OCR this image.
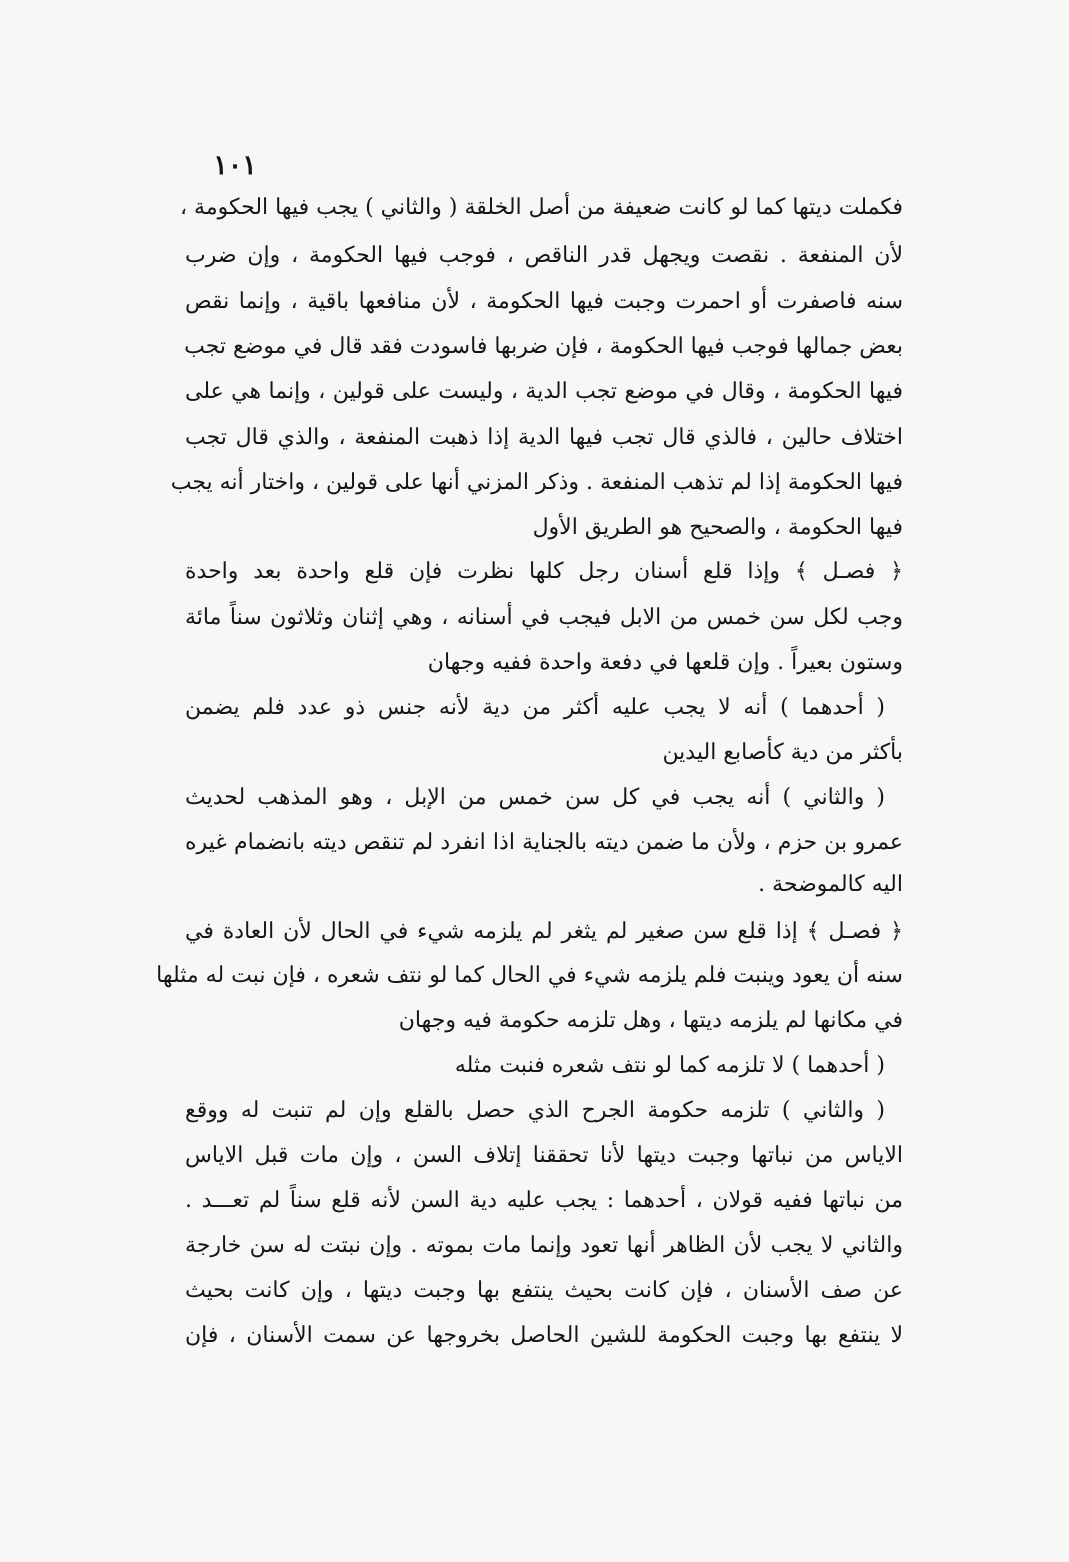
١٠١
فكملت ديتها كما لو كانت ضعيفة من أصل الخلقة ( والثاني ) يجب فيها الحكومة ،
لأن المنفعة . نقصت ويجهل قدر الناقص ، فوجب فيها الحكومة ، وإن ضرب
سنه فاصفرت أو احمرت وجبت فيها الحكومة ، لأن منافعها باقية ، وإنما نقص
بعض جمالها فوجب فيها الحكومة ، فإن ضربها فاسودت فقد قال في موضع تجب
فيها الحكومة ، وقال في موضع تجب الدية ، وليست على قولين ، وإنما هي على
اختلاف حالين ، فالذي قال تجب فيها الدية إذا ذهبت المنفعة ، والذي قال تجب
فيها الحكومة إذا لم تذهب المنفعة . وذكر المزني أنها على قولين ، واختار أنه يجب
فيها الحكومة ، والصحيح هو الطريق الأول
﴿ فصـل ﴾ وإذا قلع أسنان رجل كلها نظرت فإن قلع واحدة بعد واحدة
وجب لكل سن خمس من الابل فيجب في أسنانه ، وهي إثنان وثلاثون سناً مائة
وستون بعيراً . وإن قلعها في دفعة واحدة ففيه وجهان
( أحدهما ) أنه لا يجب عليه أكثر من دية لأنه جنس ذو عدد فلم يضمن
بأكثر من دية كأصابع اليدين
( والثاني ) أنه يجب في كل سن خمس من الإبل ، وهو المذهب لحديث
عمرو بن حزم ، ولأن ما ضمن ديته بالجناية اذا انفرد لم تنقص ديته بانضمام غيره
اليه كالموضحة .
﴿ فصـل ﴾ إذا قلع سن صغير لم يثغر لم يلزمه شيء في الحال لأن العادة في
سنه أن يعود وينبت فلم يلزمه شيء في الحال كما لو نتف شعره ، فإن نبت له مثلها
في مكانها لم يلزمه ديتها ، وهل تلزمه حكومة فيه وجهان
( أحدهما ) لا تلزمه كما لو نتف شعره فنبت مثله
( والثاني ) تلزمه حكومة الجرح الذي حصل بالقلع وإن لم تنبت له ووقع
الاياس من نباتها وجبت ديتها لأنا تحققنا إتلاف السن ، وإن مات قبل الاياس
من نباتها ففيه قولان ، أحدهما : يجب عليه دية السن لأنه قلع سناً لم تعـــد .
والثاني لا يجب لأن الظاهر أنها تعود وإنما مات بموته . وإن نبتت له سن خارجة
عن صف الأسنان ، فإن كانت بحيث ينتفع بها وجبت ديتها ، وإن كانت بحيث
لا ينتفع بها وجبت الحكومة للشين الحاصل بخروجها عن سمت الأسنان ، فإن
